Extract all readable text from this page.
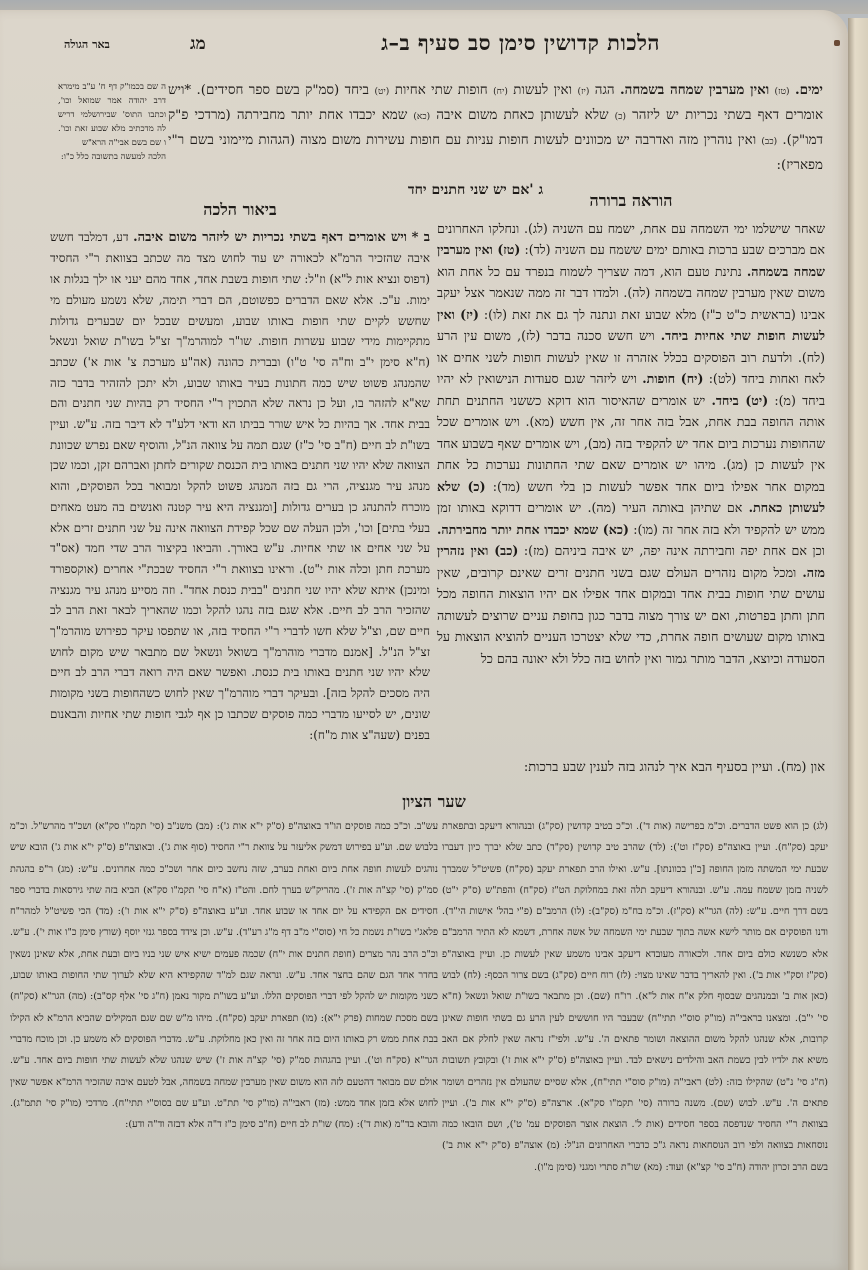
הלכות קדושין סימן סב סעיף ב–ג
מג
באר הגולה
ימים. (טז) ואין מערבין שמחה בשמחה. הגה (יז) ואין לעשות (יח) חופות שתי אחיות (יט) ביחד (סמ"ק בשם ספר חסידים). *ויש אומרים דאף בשתי נכריות יש ליזהר (כ) שלא לעשותן כאחת משום איבה (כא) שמא יכבדו אחת יותר מחבירתה (מרדכי פ"ק דמו"ק). (כב) ואין נוהרין מזה ואדרבה יש מכוונים לעשות חופות עניות עם חופות עשירות משום מצוה (הגהות מיימוני בשם ר"י מפאריז):
ג 'אם יש שני חתנים יחד
ה שם בכמו"ק דף ח' ע"ב מימרא דרב יהודה אמר שמואל וכו', וכתבו התוס' שבירושלמי דריש לה מדכתיב מלא שבוע זאת וכו'. ו שם בשם אבי"ה הרא"ש
הלכה למעשה בתשובה כלל כ"ו:
הוראה ברורה
שאחר שישלמו ימי השמחה עם אחת, ישמח עם השניה (לג). ונחלקו האחרונים אם מברכים שבע ברכות באותם ימים ששמח עם השניה (לד): (טז) ואין מערבין שמחה בשמחה. נתינת טעם הוא, דמה שצריך לשמוח בנפרד עם כל אחת הוא משום שאין מערבין שמחה בשמחה (לה). ולמדו דבר זה ממה שנאמר אצל יעקב אבינו (בראשית כ"ט כ"ז) מלא שבוע זאת ונתנה לך גם את זאת (לו): (יז) ואין לעשות חופות שתי אחיות ביחד. ויש חשש סכנה בדבר (לז), משום עין הרע (לח). ולדעת רוב הפוסקים בכלל אזהרה זו שאין לעשות חופות לשני אחים או לאח ואחות ביחד (לט): (יח) חופות. ויש ליזהר שגם סעודות הנישואין לא יהיו ביחד (מ): (יט) ביחד. יש אומרים שהאיסור הוא דוקא כששני החתנים תחת אותה החופה בבת אחת, אבל בזה אחר זה, אין חשש (מא). ויש אומרים שכל שהחופות נערכות ביום אחד יש להקפיד בזה (מב), ויש אומרים שאף בשבוע אחד אין לעשות כן (מג). מיהו יש אומרים שאם שתי החתונות נערכות כל אחת במקום אחר אפילו ביום אחד אפשר לעשות כן בלי חשש (מד): (כ) שלא לעשותן כאחת. אם שתיהן באותה העיר (מה). יש אומרים דדוקא באותו זמן ממש יש להקפיד ולא בזה אחר זה (מו): (כא) שמא יכבדו אחת יותר מחבירתה. וכן אם אחת יפה וחבירתה אינה יפה, יש איבה ביניהם (מז): (כב) ואין נזהרין מזה. ומכל מקום נזהרים העולם שגם בשני חתנים זרים שאינם קרובים, שאין עושים שתי חופות בבית אחד ובמקום אחד אפילו אם יהיו הוצאות החופה מכל חתן וחתן בפרטות, ואם יש צורך מצוה בדבר כגון בחופת עניים שרוצים לעשותה באותו מקום שעושים חופה אחרת, כדי שלא יצטרכו העניים להוציא הוצאות על הסעודה וכיוצא, הדבר מותר גמור ואין לחוש בזה כלל ולא יאונה בהם כל
ביאור הלכה
ב * ויש אומרים דאף בשתי נכריות יש ליזהר משום איבה. דע, דמלבד חשש איבה שהזכיר הרמ"א לכאורה יש עוד לחוש מצד מה שכתב בצוואת ר"י החסיד (דפוס ונציא אות ל"א) וז"ל: שתי חופות בשבת אחד, אחד מהם יעני או ילך בגלות או ימות. ע"כ. אלא שאם הדברים כפשוטם, הם דברי תימה, שלא נשמע מעולם מי שחשש לקיים שתי חופות באותו שבוע, ומעשים שבכל יום שבערים גדולות מתקיימות מידי שבוע עשרות חופות. שו"ר למוהרמ"ך זצ"ל בשו"ת שואל ונשאל (ח"א סימן י"ב וח"ה סי' ט"ו) ובברית כהונה (אה"ע מערכת צ' אות א') שכתב שהמנהג פשוט שיש כמה חתונות בעיר באותו שבוע, ולא יתכן להזהיר בדבר כזה שא"א להזהר בו, ועל כן נראה שלא התכוין ר"י החסיד רק בהיות שני חתנים והם בבית אחד. אך בהיות כל איש שורר בביתו הא ודאי דלע"ד לא דיבר בזה. ע"ש. ועיין בשו"ת לב חיים (ח"ב סי' כ"ז) שגם תמה על צוואה הנ"ל, והוסיף שאם נפרש שכוונת הצוואה שלא יהיו שני חתנים באותו בית הכנסת שקורים לחתן ואברהם זקן, וכמו שכן מנהג עיר מגנציה, הרי גם בזה המנהג פשוט להקל ומבואר בכל הפוסקים, והוא מוכרח להתנהג כן בערים גדולות [ומגנציה היא עיר קטנה ואנשים בה מעט מאחים בעלי בתים] וכו', ולכן העלה שם שכל קפידת הצוואה אינה על שני חתנים זרים אלא על שני אחים או שתי אחיות. ע"ש באורך. והביאו בקיצור הרב שדי חמד (אס"ד מערכת חתן וכלה אות י"ט). וראינו בצוואת ר"י החסיד שבכת"י אחרים (אוקספורד ומינכן) איתא שלא יהיו שני חתנים "בבית כנסת אחד". וזה מסייע מנהג עיר מגנציה שהזכיר הרב לב חיים. אלא שגם בזה נהגו להקל וכמו שהאריך לבאר זאת הרב לב חיים שם, וצ"ל שלא חשו לדברי ר"י החסיד בזה, או שתפסו עיקר כפירוש מוהרמ"ך זצ"ל הנ"ל. [אמנם מדברי מוהרמ"ך בשואל ונשאל שם מתבאר שיש מקום לחוש שלא יהיו שני חתנים באותו בית כנסת. ואפשר שאם היה רואה דברי הרב לב חיים היה מסכים להקל בזה]. ובעיקר דברי מוהרמ"ך שאין לחוש כשהחופות בשני מקומות שונים, יש לסייעו מדברי כמה פוסקים שכתבו כן אף לגבי חופות שתי אחיות והבאנום בפנים (שעה"צ אות מ"ח):
און (מח). ועיין בסעיף הבא איך לנהוג בזה לענין שבע ברכות:
שער הציון
(לג) כן הוא פשט הדברים. וכ"מ בפרישה (אות ד'). וכ"כ בטיב קדושין (סק"ג) ובנהורא דיעקב ובתפארת יעקב (סק"ח). ועיין באוצה"פ (סק"ז וט'): (לד) שהרב טיב קדושין (סק"ד) כתב שלא יברך כיון דעברו שבעת ימי המשתה מזמן החופה [כ"ן בכוונתו]. ע"ש. ואילו הרב תפארת יעקב (סק"ח) פשיט"ל שמברך לשניה בזמן ששמח עמה. ע"ש. ובנהורא דיעקב תלה זאת במחלוקת הט"ז (סק"ח) והפת"ש (ס"ק י"ט) בשם דרך חיים. ע"ש: (לה) הגר"א (סק"ז). וכ"מ בח"מ (סק"ב): (לו) הרמב"ם (פ"י בהל' אישות הי"ד). ודנו הפוסקים אם מותר לישא אשה בתוך שבעת ימי השמחה של אשה אחרת, דשמא לא התיר הרמב"ם אלא כשנשא כולם ביום אחד. ולכאורה מעובדא דיעקב אבינו משמע שאין לעשות כן. ועיין באוצה"פ (סק"ז וסק"י אות ב'). ואין להאריך בדבר שאינו מצוי: (לז) רוח חיים (סק"ג) בשם צרור הכסף: (לח) לבוש (כאן אות ב' ובמנהגים שבסוף חלק א"ח אות ל"א). רו"ח (שם). וכן מתבאר בשו"ת שואל ונשאל (ח"א סי' י"ב). ומצאנו בראבי"ה (מו"ק סוס"י תתי"ח) שבעבר היו חוששים לעין הרע גם בשתי חופות שאינן קרובות, אלא שנהגו להקל משום ההוצאה ושומר פתאים ה'. ע"ש. ולפי"ז נראה שאין לחלק אם האב משיא את ילדיו לבין כשמת האב והילדים נישאים לבד. ועיין באוצה"פ (ס"ק י"א אות ז') ובקובץ תשובות (ח"ג סי' נ"ט) שהקילו בזה: (לט) ראבי"ה (מו"ק סוס"י תתי"ח), אלא שסיים שהעולם אין נזהרים ושומר פתאים ה'. ע"ש. לבוש (שם). משנה ברורה (סי' תקמ"ו סק"א). ארצה"פ (ס"ק י"א אות ב'). ועיין בצוואת ר"י החסיד שנדפסה בספר חסידים (אות ל'. הוצאת אוצר הפוסקים עמ' ט'), ושם הובאו כמה נוסחאות בצוואה ולפי רוב הנוסחאות נראה ג"כ כדברי האחרונים הנ"ל: (מ) אוצה"פ (ס"ק י"א אות ב') בשם הרב זכרון יהודה (ח"ב סי' קצ"א) ועוד: (מא) שו"ת סתרי ומגני (סימן מ"ו).
עש"ב. וכ"כ כמה פוסקים הו"ד באוצה"פ (ס"ק י"א אות ג'): (מב) משנ"ב (סי' תקמ"ו סק"א) ושכ"ד מהרש"ל. וכ"מ בלבוש שם. וע"ע בפירוש דמשק אליעזר על צוואת ר"י החסיד (סוף אות ג'). ובאוצה"פ (ס"ק י"א אות ג') הובא שיש נוהגים לעשות חופה אחת ביום ואחת בערב, שזה נחשב כיום אחר ושכ"כ כמה אחרונים. ע"ש: (מג) ר"פ בהגהת סמ"ק (סי' קצ"ה אות ז'). מהריק"ש בערך לחם. והט"ז (א"ח סי' תקמ"ו סק"א) הביא בזה שתי גירסאות בדברי ספר חסידים אם הקפידא על יום אחד או שבוע אחד. וע"ע באוצה"פ (ס"ק י"א אות ו'): (מד) הכי פשיט"ל למהר"ח פלאג'י בשו"ת נשמת כל חי (סוס"י מ"ב דף מ"ג רע"ד). ע"ש. וכן צידד בספר גנזי יוסף (שורץ סימן כ"ו אות י'). ע"ש. וכ"כ הרב נהר מצרים (חופת חתנים אות י"ח) שכמה פעמים ישיא איש שני בניו ביום ובעת אחת, אלא שאינן נשאין בחדר אחד הגם שהם בחצר אחד. ע"ש. ונראה שגם למ"ד שהקפידא היא שלא לערוך שתי החופות באותו שבוע, כשני מקומות יש להקל לפי דברי הפוסקים הללו. וע"ע בשו"ת מקור נאמן (ח"ג סי' אלף קס"ב): (מה) הגר"א (סק"ח) בשם מסכת שמחות (פרק י"א): (מו) תפארת יעקב (סק"ח). מיהו מ"ש שם שגם המקילים שהביא הרמ"א לא הקילו בבת אחת ממש רק באותו היום בזה אחר זה ואין כאן מחלוקת. ע"ש. מדברי הפוסקים לא משמע כן. וכן מוכח מדברי הגר"א (סק"ח וט'). ועיין בהגהות סמ"ק (סי' קצ"ה אות ז') שיש שנהגו שלא לעשות שתי חופות ביום אחד. ע"ש. אולם שם מבואר דהטעם לזה הוא משום שאין מערבין שמחה בשמחה, אבל לטעם איבה שהזכיר הרמ"א אפשר שאין לחוש אלא בזמן אחד ממש: (מז) ראבי"ה (מו"ק סי' תת"ט. וע"ע שם בסוס"י תתי"ח). מרדכי (מו"ק סי' תתמ"ג). והובא בד"מ (אות ד'): (מח) שו"ת לב חיים (ח"ב סימן כ"ז ד"ה אלא דבזה וד"ה ודע):
